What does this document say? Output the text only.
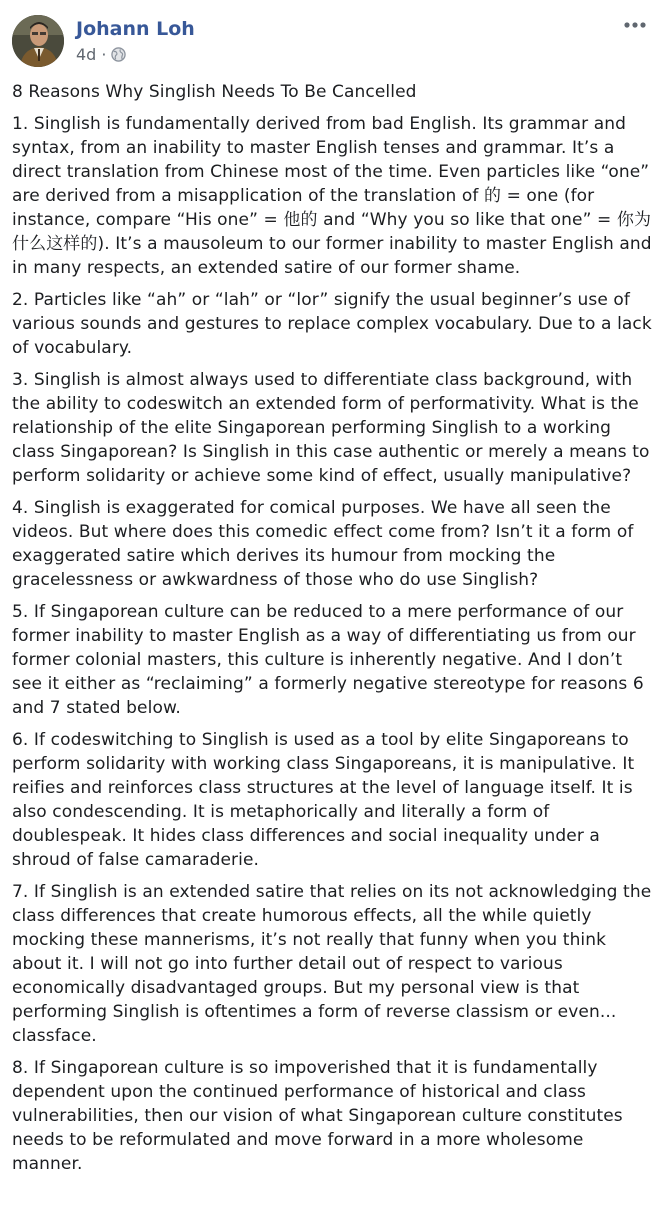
Johann Loh
4d ·

8 Reasons Why Singlish Needs To Be Cancelled

1. Singlish is fundamentally derived from bad English. Its grammar and syntax, from an inability to master English tenses and grammar. It’s a direct translation from Chinese most of the time. Even particles like “one” are derived from a misapplication of the translation of 的 = one (for instance, compare “His one” = 他的 and “Why you so like that one” = 你为什么这样的). It’s a mausoleum to our former inability to master English and in many respects, an extended satire of our former shame.

2. Particles like “ah” or “lah” or “lor” signify the usual beginner’s use of various sounds and gestures to replace complex vocabulary. Due to a lack of vocabulary.

3. Singlish is almost always used to differentiate class background, with the ability to codeswitch an extended form of performativity. What is the relationship of the elite Singaporean performing Singlish to a working class Singaporean? Is Singlish in this case authentic or merely a means to perform solidarity or achieve some kind of effect, usually manipulative?

4. Singlish is exaggerated for comical purposes. We have all seen the videos. But where does this comedic effect come from? Isn’t it a form of exaggerated satire which derives its humour from mocking the gracelessness or awkwardness of those who do use Singlish?

5. If Singaporean culture can be reduced to a mere performance of our former inability to master English as a way of differentiating us from our former colonial masters, this culture is inherently negative. And I don’t see it either as “reclaiming” a formerly negative stereotype for reasons 6 and 7 stated below.

6. If codeswitching to Singlish is used as a tool by elite Singaporeans to perform solidarity with working class Singaporeans, it is manipulative. It reifies and reinforces class structures at the level of language itself. It is also condescending. It is metaphorically and literally a form of doublespeak. It hides class differences and social inequality under a shroud of false camaraderie.

7. If Singlish is an extended satire that relies on its not acknowledging the class differences that create humorous effects, all the while quietly mocking these mannerisms, it’s not really that funny when you think about it. I will not go into further detail out of respect to various economically disadvantaged groups. But my personal view is that performing Singlish is oftentimes a form of reverse classism or even... classface.

8. If Singaporean culture is so impoverished that it is fundamentally dependent upon the continued performance of historical and class vulnerabilities, then our vision of what Singaporean culture constitutes needs to be reformulated and move forward in a more wholesome manner.
